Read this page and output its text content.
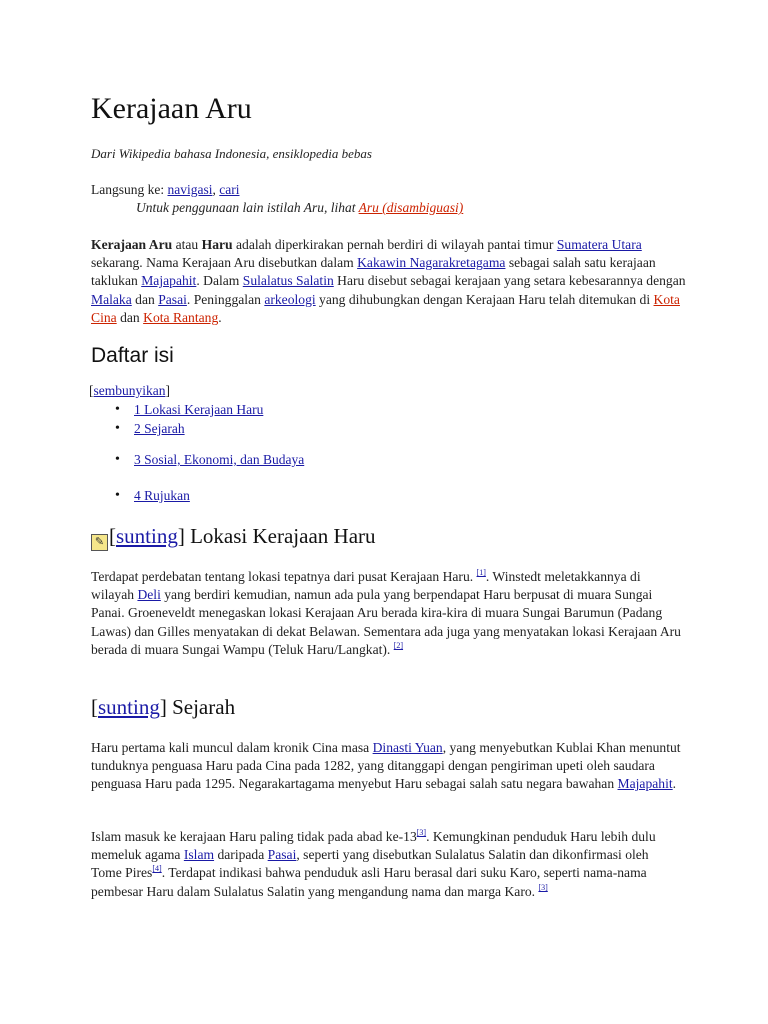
Kerajaan Aru
Dari Wikipedia bahasa Indonesia, ensiklopedia bebas
Langsung ke: navigasi, cari
Untuk penggunaan lain istilah Aru, lihat Aru (disambiguasi)

Kerajaan Aru atau Haru adalah diperkirakan pernah berdiri di wilayah pantai timur Sumatera Utara sekarang. Nama Kerajaan Aru disebutkan dalam Kakawin Nagarakretagama sebagai salah satu kerajaan taklukan Majapahit. Dalam Sulalatus Salatin Haru disebut sebagai kerajaan yang setara kebesarannya dengan Malaka dan Pasai. Peninggalan arkeologi yang dihubungkan dengan Kerajaan Haru telah ditemukan di Kota Cina dan Kota Rantang.

Daftar isi
[sembunyikan]
• 1 Lokasi Kerajaan Haru
• 2 Sejarah
• 3 Sosial, Ekonomi, dan Budaya
• 4 Rujukan
✎ [sunting] Lokasi Kerajaan Haru

Terdapat perdebatan tentang lokasi tepatnya dari pusat Kerajaan Haru. [1]. Winstedt meletakkannya di wilayah Deli yang berdiri kemudian, namun ada pula yang berpendapat Haru berpusat di muara Sungai Panai. Groeneveldt menegaskan lokasi Kerajaan Aru berada kira-kira di muara Sungai Barumun (Padang Lawas) dan Gilles menyatakan di dekat Belawan. Sementara ada juga yang menyatakan lokasi Kerajaan Aru berada di muara Sungai Wampu (Teluk Haru/Langkat). [2]

[sunting] Sejarah

Haru pertama kali muncul dalam kronik Cina masa Dinasti Yuan, yang menyebutkan Kublai Khan menuntut tunduknya penguasa Haru pada Cina pada 1282, yang ditanggapi dengan pengiriman upeti oleh saudara penguasa Haru pada 1295. Negarakartagama menyebut Haru sebagai salah satu negara bawahan Majapahit.

Islam masuk ke kerajaan Haru paling tidak pada abad ke-13[3]. Kemungkinan penduduk Haru lebih dulu memeluk agama Islam daripada Pasai, seperti yang disebutkan Sulalatus Salatin dan dikonfirmasi oleh Tome Pires[4]. Terdapat indikasi bahwa penduduk asli Haru berasal dari suku Karo, seperti nama-nama pembesar Haru dalam Sulalatus Salatin yang mengandung nama dan marga Karo. [3]
